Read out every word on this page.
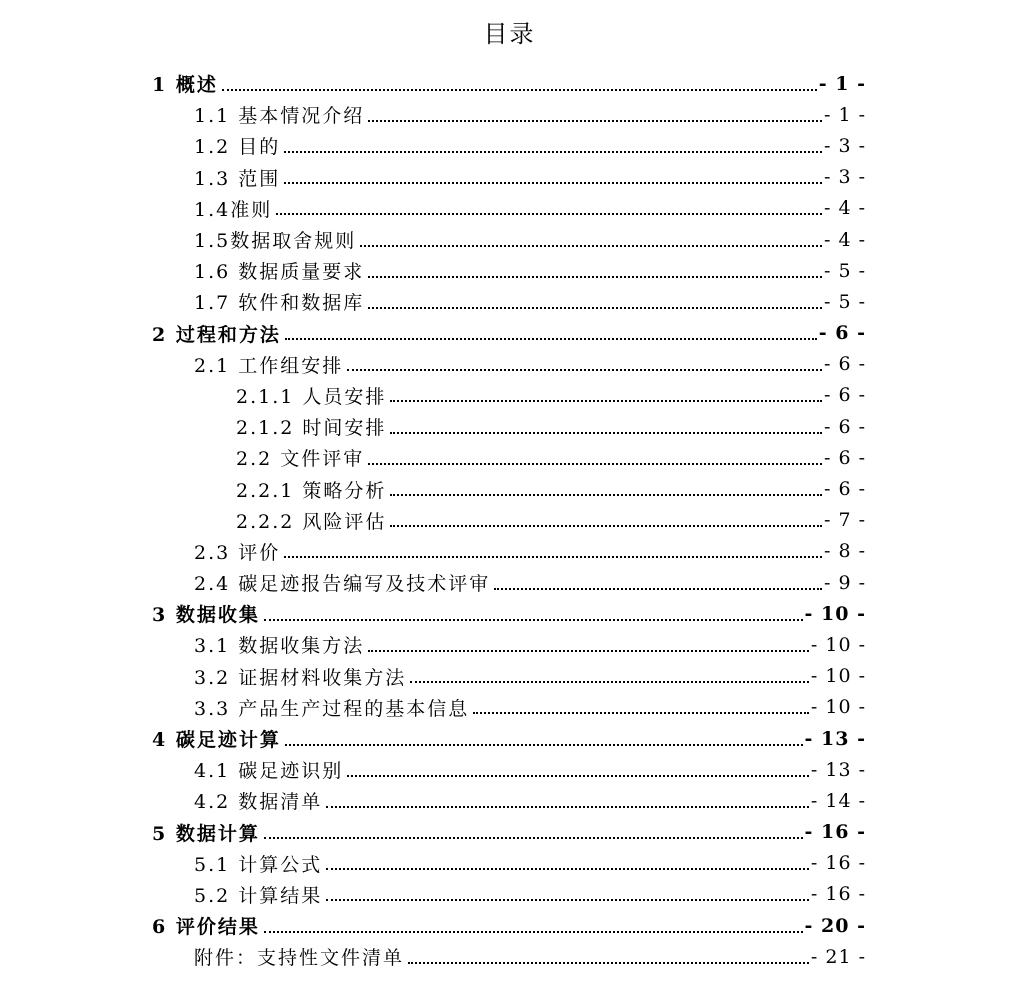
目录
1 概述	- 1 -
1.1 基本情况介绍	- 1 -
1.2 目的	- 3 -
1.3 范围	- 3 -
1.4准则	- 4 -
1.5数据取舍规则	- 4 -
1.6 数据质量要求	- 5 -
1.7 软件和数据库	- 5 -
2 过程和方法	- 6 -
2.1 工作组安排	- 6 -
2.1.1 人员安排	- 6 -
2.1.2 时间安排	- 6 -
2.2 文件评审	- 6 -
2.2.1 策略分析	- 6 -
2.2.2 风险评估	- 7 -
2.3 评价	- 8 -
2.4 碳足迹报告编写及技术评审	- 9 -
3 数据收集	- 10 -
3.1 数据收集方法	- 10 -
3.2 证据材料收集方法	- 10 -
3.3 产品生产过程的基本信息	- 10 -
4 碳足迹计算	- 13 -
4.1 碳足迹识别	- 13 -
4.2 数据清单	- 14 -
5 数据计算	- 16 -
5.1 计算公式	- 16 -
5.2 计算结果	- 16 -
6 评价结果	- 20 -
附件：支持性文件清单	- 21 -
